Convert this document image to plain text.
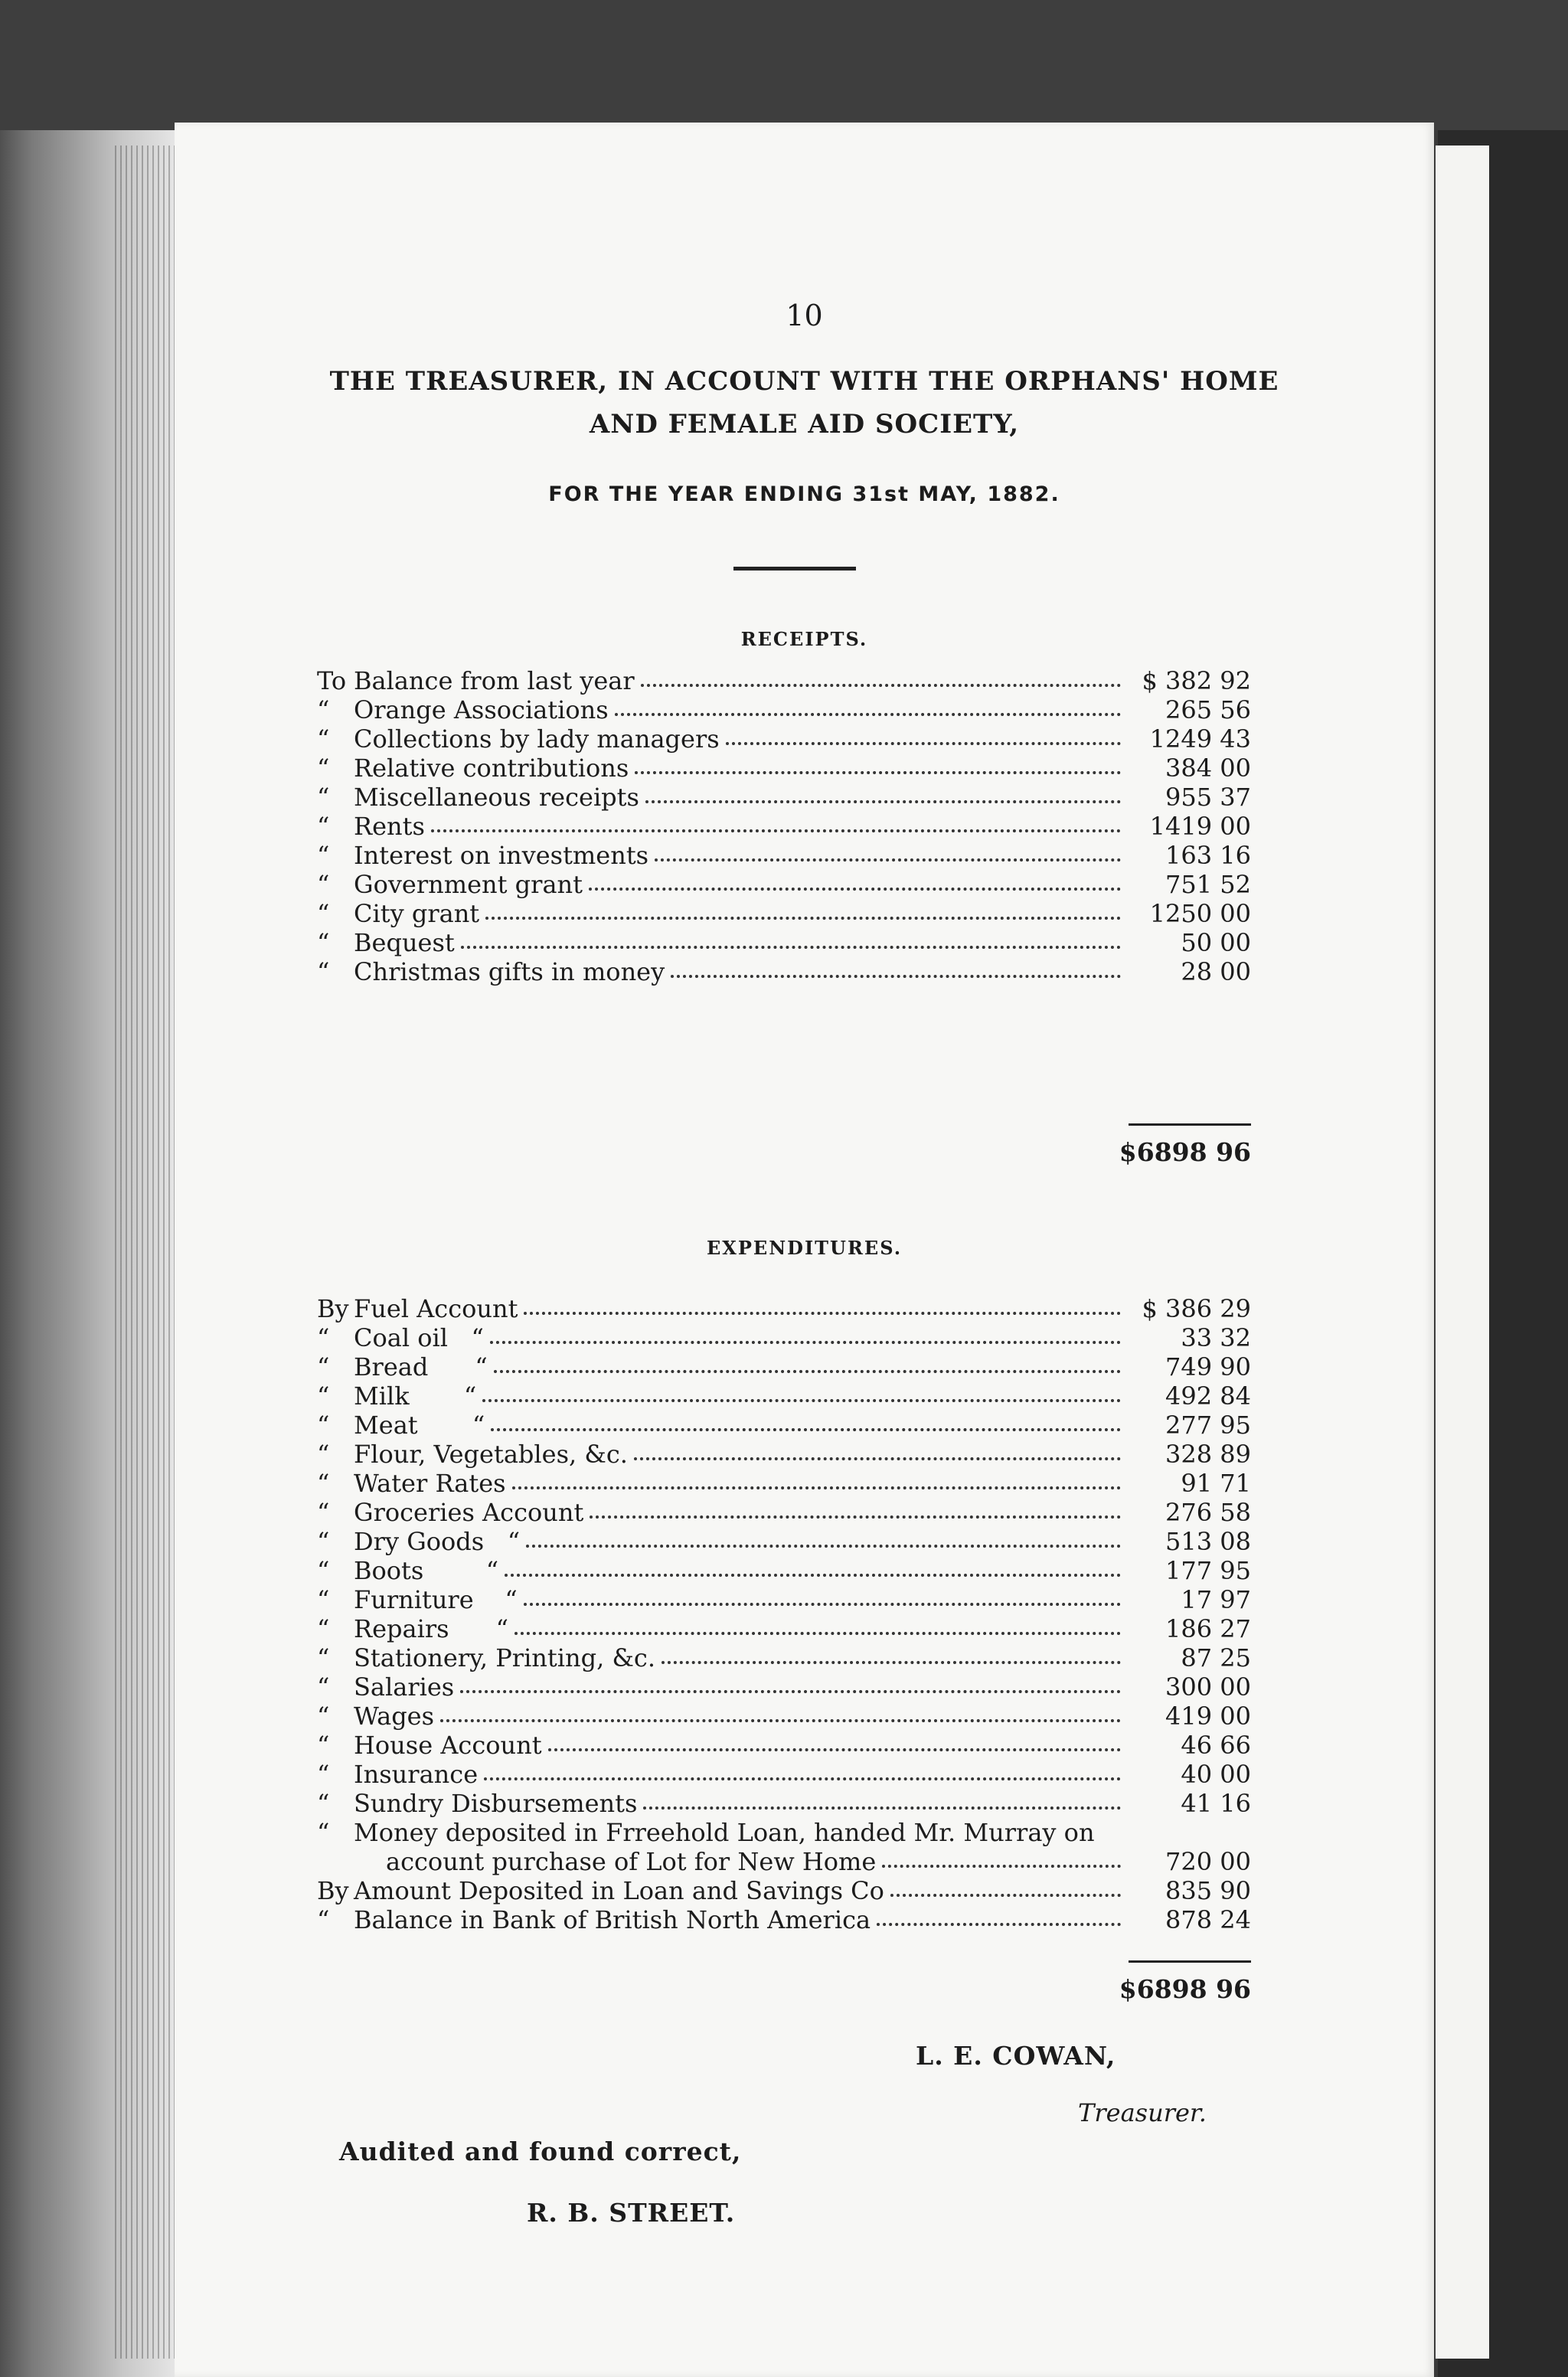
10
THE TREASURER, IN ACCOUNT WITH THE ORPHANS' HOME
AND FEMALE AID SOCIETY,
FOR THE YEAR ENDING 31st MAY, 1882.
RECEIPTS.
To Balance from last year	$ 382 92
“ Orange Associations	265 56
“ Collections by lady managers	1249 43
“ Relative contributions	384 00
“ Miscellaneous receipts	955 37
“ Rents	1419 00
“ Interest on investments	163 16
“ Government grant	751 52
“ City grant	1250 00
“ Bequest	50 00
“ Christmas gifts in money	28 00
$6898 96
EXPENDITURES.
By Fuel Account	$ 386 29
“ Coal oil   “	33 32
“ Bread      “	749 90
“ Milk       “	492 84
“ Meat       “	277 95
“ Flour, Vegetables, &c.	328 89
“ Water Rates	91 71
“ Groceries Account	276 58
“ Dry Goods   “	513 08
“ Boots        “	177 95
“ Furniture    “	17 97
“ Repairs      “	186 27
“ Stationery, Printing, &c.	87 25
“ Salaries	300 00
“ Wages	419 00
“ House Account	46 66
“ Insurance	40 00
“ Sundry Disbursements	41 16
“ Money deposited in Frreehold Loan, handed Mr. Murray on
account purchase of Lot for New Home	720 00
By Amount Deposited in Loan and Savings Co	835 90
“ Balance in Bank of British North America	878 24
$6898 96
L. E. COWAN,
Treasurer.
Audited and found correct,
R. B. STREET.
